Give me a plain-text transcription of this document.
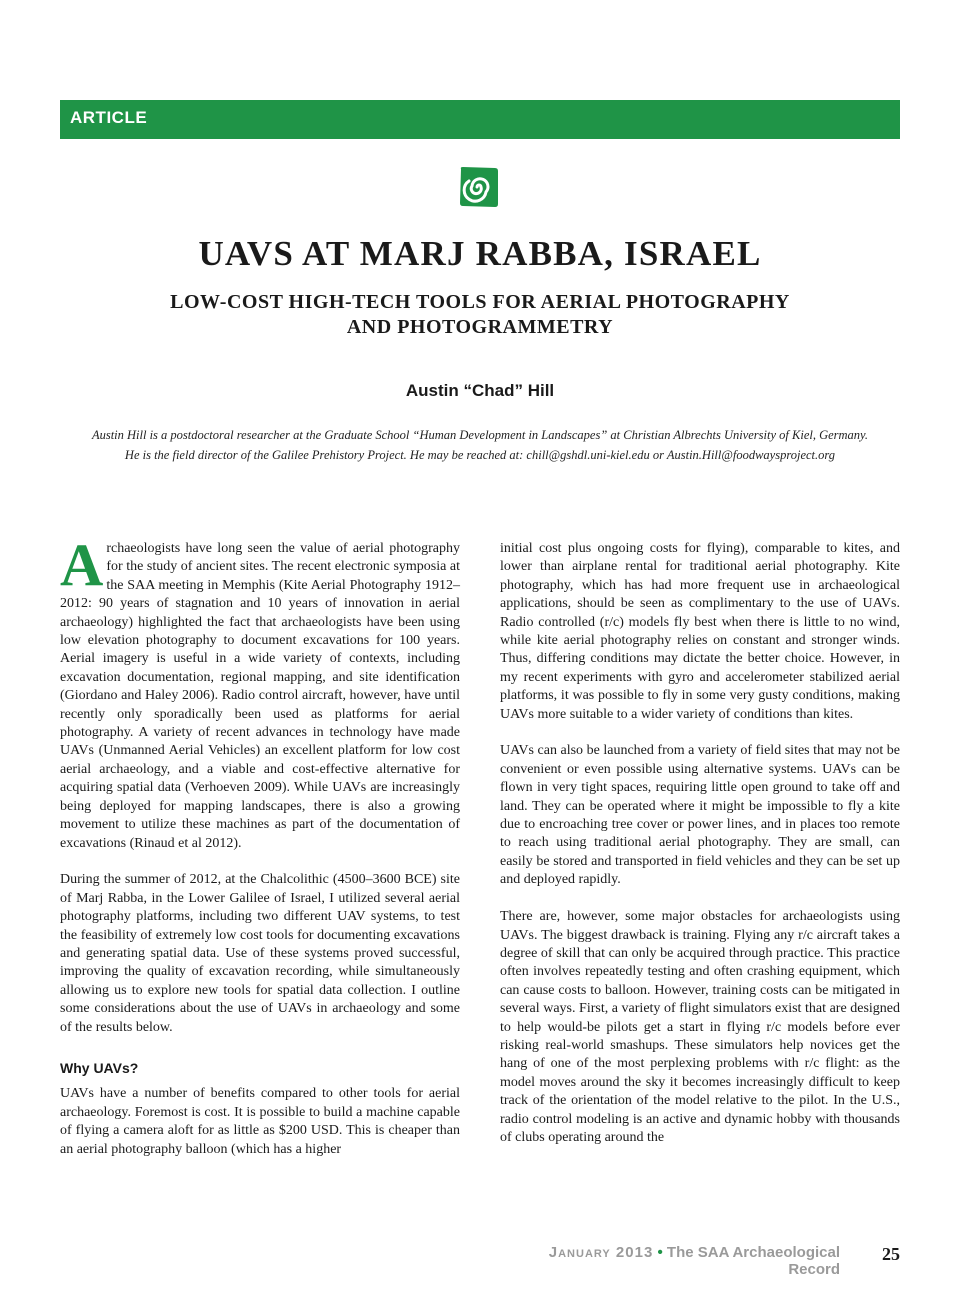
ARTICLE
UAVS AT MARJ RABBA, ISRAEL
LOW-COST HIGH-TECH TOOLS FOR AERIAL PHOTOGRAPHY
AND PHOTOGRAMMETRY
Austin “Chad” Hill
Austin Hill is a postdoctoral researcher at the Graduate School “Human Development in Landscapes” at Christian Albrechts University of Kiel, Germany.
He is the field director of the Galilee Prehistory Project. He may be reached at: chill@gshdl.uni-kiel.edu or Austin.Hill@foodwaysproject.org

Archaeologists have long seen the value of aerial photography for the study of ancient sites. The recent electronic symposia at the SAA meeting in Memphis (Kite Aerial Photography 1912–2012: 90 years of stagnation and 10 years of innovation in aerial archaeology) highlighted the fact that archaeologists have been using low elevation photography to document excavations for 100 years. Aerial imagery is useful in a wide variety of contexts, including excavation documentation, regional mapping, and site identification (Giordano and Haley 2006). Radio control aircraft, however, have until recently only sporadically been used as platforms for aerial photography. A variety of recent advances in technology have made UAVs (Unmanned Aerial Vehicles) an excellent platform for low cost aerial archaeology, and a viable and cost-effective alternative for acquiring spatial data (Verhoeven 2009). While UAVs are increasingly being deployed for mapping landscapes, there is also a growing movement to utilize these machines as part of the documentation of excavations (Rinaud et al 2012).

During the summer of 2012, at the Chalcolithic (4500–3600 BCE) site of Marj Rabba, in the Lower Galilee of Israel, I utilized several aerial photography platforms, including two different UAV systems, to test the feasibility of extremely low cost tools for documenting excavations and generating spatial data. Use of these systems proved successful, improving the quality of excavation recording, while simultaneously allowing us to explore new tools for spatial data collection. I outline some considerations about the use of UAVs in archaeology and some of the results below.

Why UAVs?

UAVs have a number of benefits compared to other tools for aerial archaeology. Foremost is cost. It is possible to build a machine capable of flying a camera aloft for as little as $200 USD. This is cheaper than an aerial photography balloon (which has a higher

initial cost plus ongoing costs for flying), comparable to kites, and lower than airplane rental for traditional aerial photography. Kite photography, which has had more frequent use in archaeological applications, should be seen as complimentary to the use of UAVs. Radio controlled (r/c) models fly best when there is little to no wind, while kite aerial photography relies on constant and stronger winds. Thus, differing conditions may dictate the better choice. However, in my recent experiments with gyro and accelerometer stabilized aerial platforms, it was possible to fly in some very gusty conditions, making UAVs more suitable to a wider variety of conditions than kites.

UAVs can also be launched from a variety of field sites that may not be convenient or even possible using alternative systems. UAVs can be flown in very tight spaces, requiring little open ground to take off and land. They can be operated where it might be impossible to fly a kite due to encroaching tree cover or power lines, and in places too remote to reach using traditional aerial photography. They are small, can easily be stored and transported in field vehicles and they can be set up and deployed rapidly.

There are, however, some major obstacles for archaeologists using UAVs. The biggest drawback is training. Flying any r/c aircraft takes a degree of skill that can only be acquired through practice. This practice often involves repeatedly testing and often crashing equipment, which can cause costs to balloon. However, training costs can be mitigated in several ways. First, a variety of flight simulators exist that are designed to help would-be pilots get a start in flying r/c models before ever risking real-world smashups. These simulators help novices get the hang of one of the most perplexing problems with r/c flight: as the model moves around the sky it becomes increasingly difficult to keep track of the orientation of the model relative to the pilot. In the U.S., radio control modeling is an active and dynamic hobby with thousands of clubs operating around the

January 2013 • The SAA Archaeological Record
25
